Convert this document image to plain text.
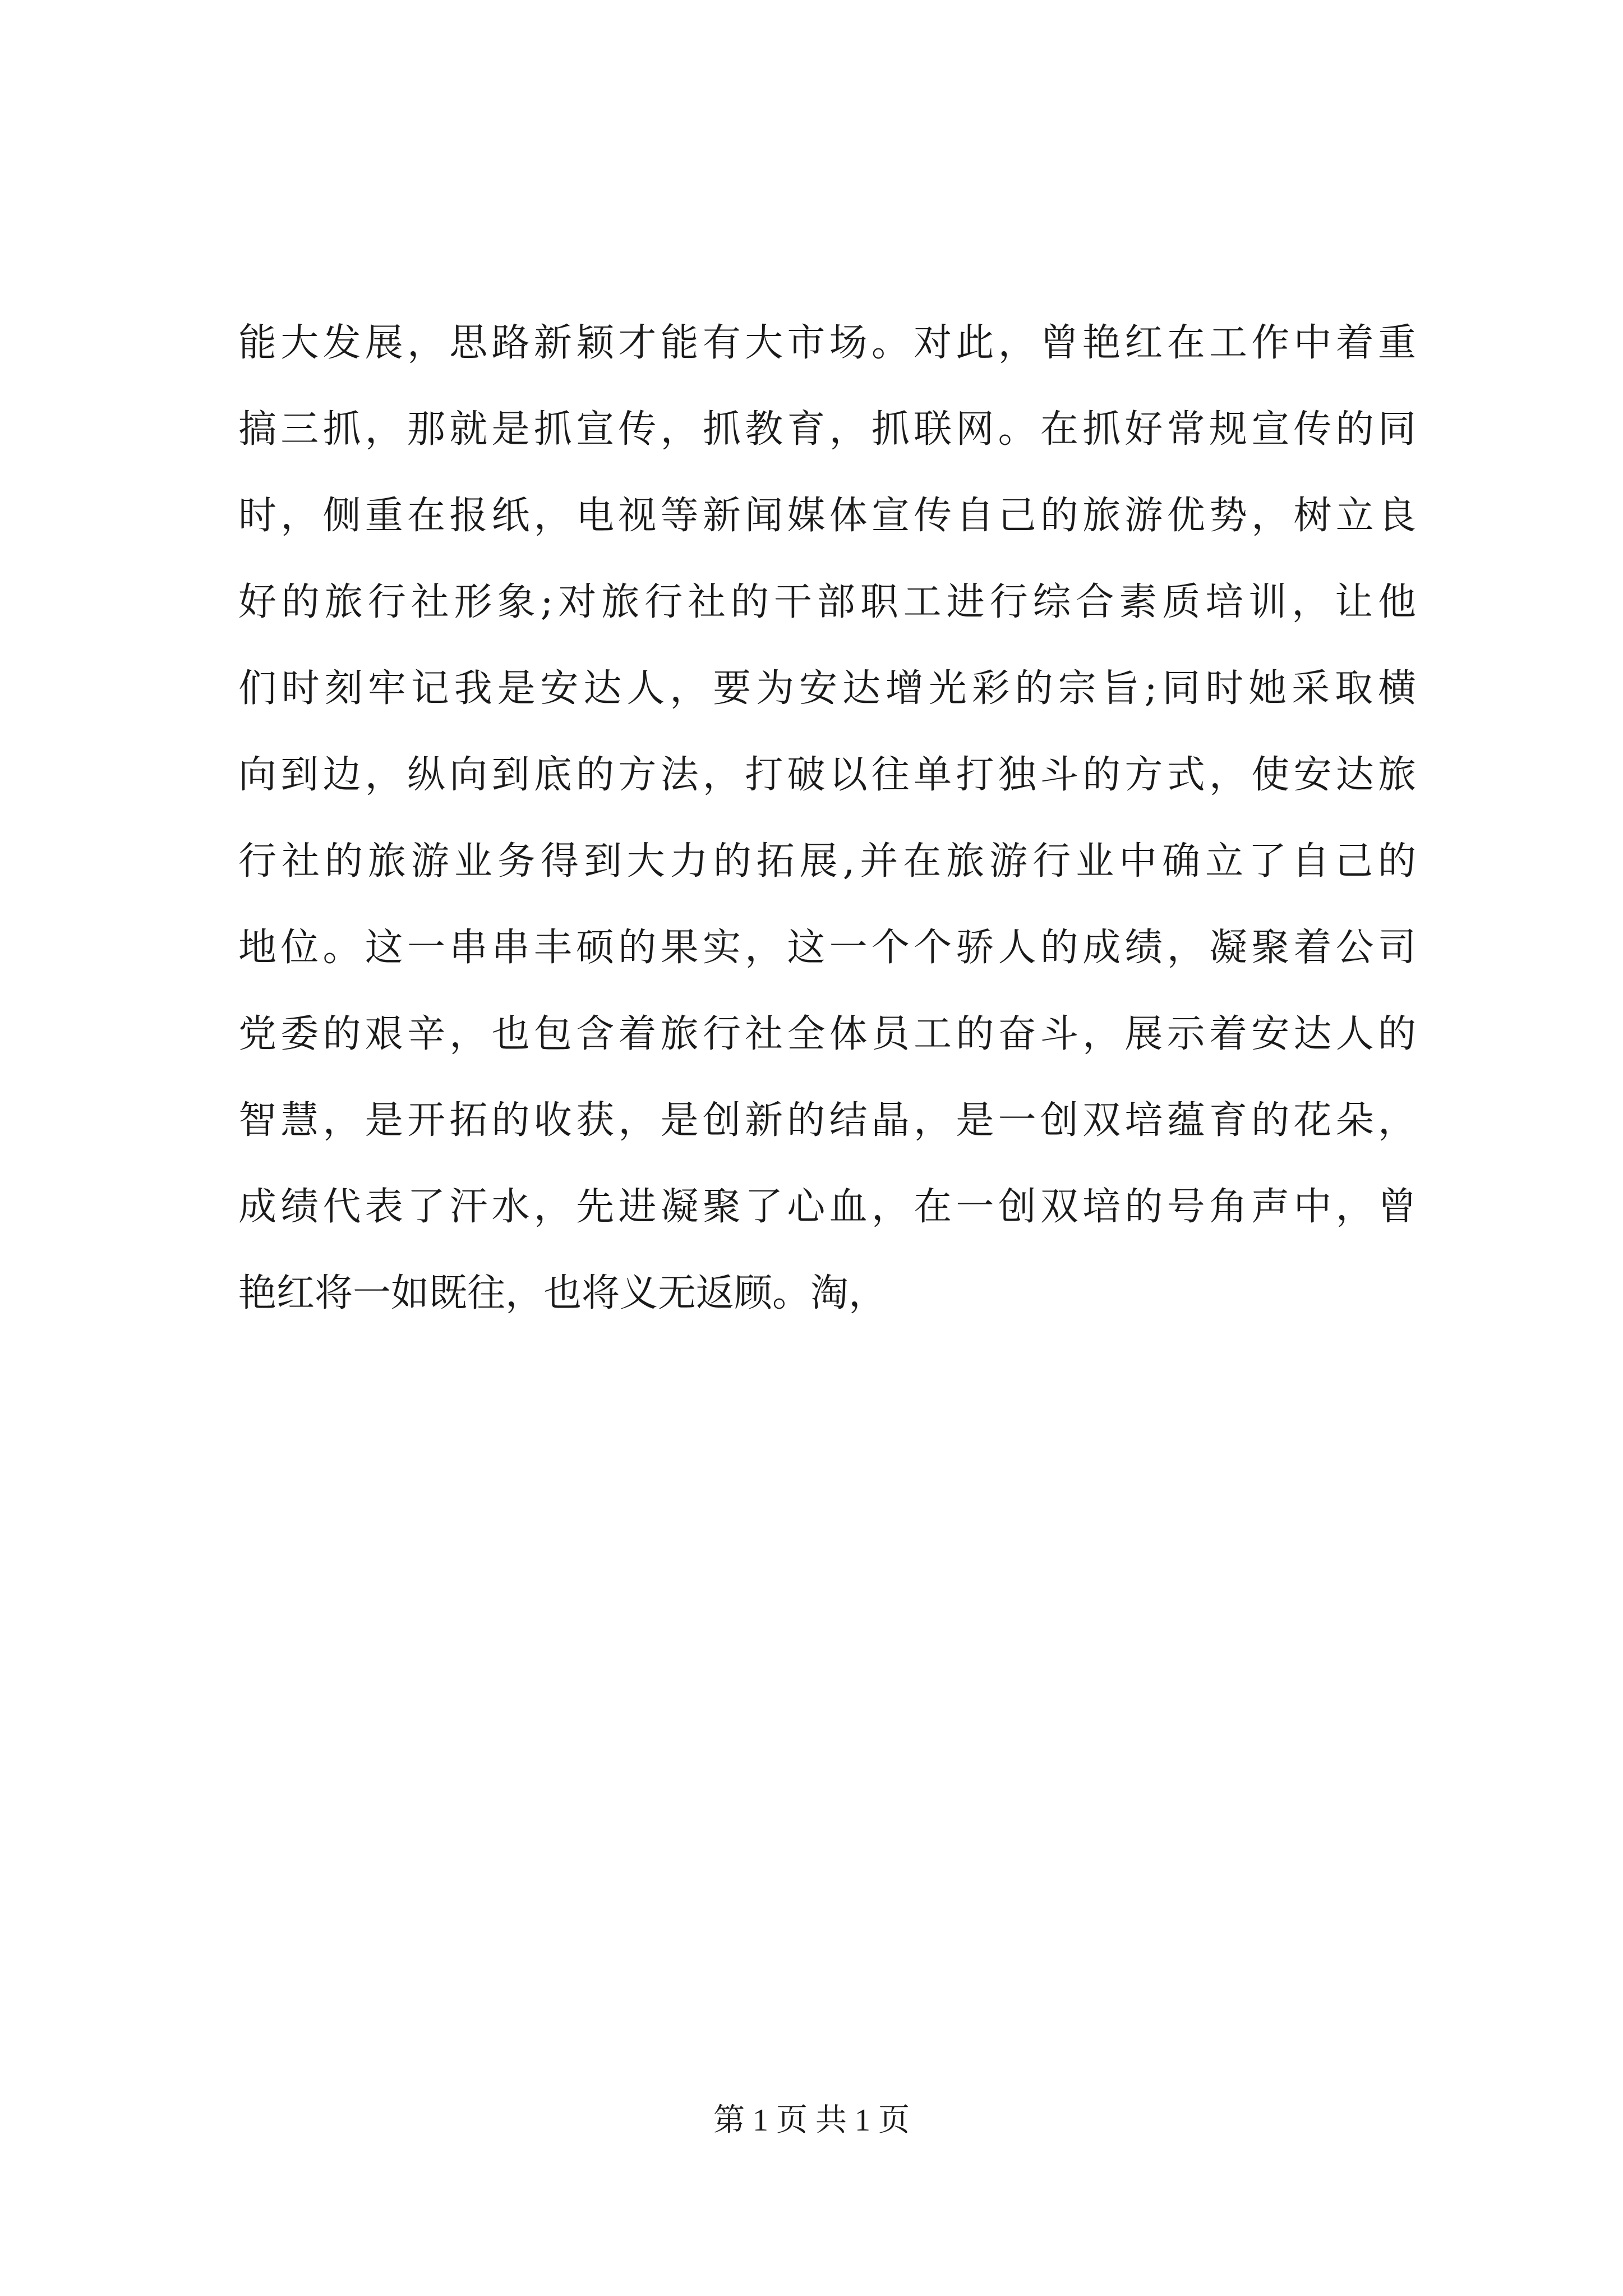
能大发展，思路新颖才能有大市场。对此，曾艳红在工作中着重
搞三抓，那就是抓宣传，抓教育，抓联网。在抓好常规宣传的同
时，侧重在报纸，电视等新闻媒体宣传自己的旅游优势，树立良
好的旅行社形象;对旅行社的干部职工进行综合素质培训，让他
们时刻牢记我是安达人，要为安达增光彩的宗旨;同时她采取横
向到边，纵向到底的方法，打破以往单打独斗的方式，使安达旅
行社的旅游业务得到大力的拓展,并在旅游行业中确立了自己的
地位。这一串串丰硕的果实，这一个个骄人的成绩，凝聚着公司
党委的艰辛，也包含着旅行社全体员工的奋斗，展示着安达人的
智慧，是开拓的收获，是创新的结晶，是一创双培蕴育的花朵，
成绩代表了汗水，先进凝聚了心血，在一创双培的号角声中，曾
艳红将一如既往，也将义无返顾。淘，
第 1 页 共 1 页
